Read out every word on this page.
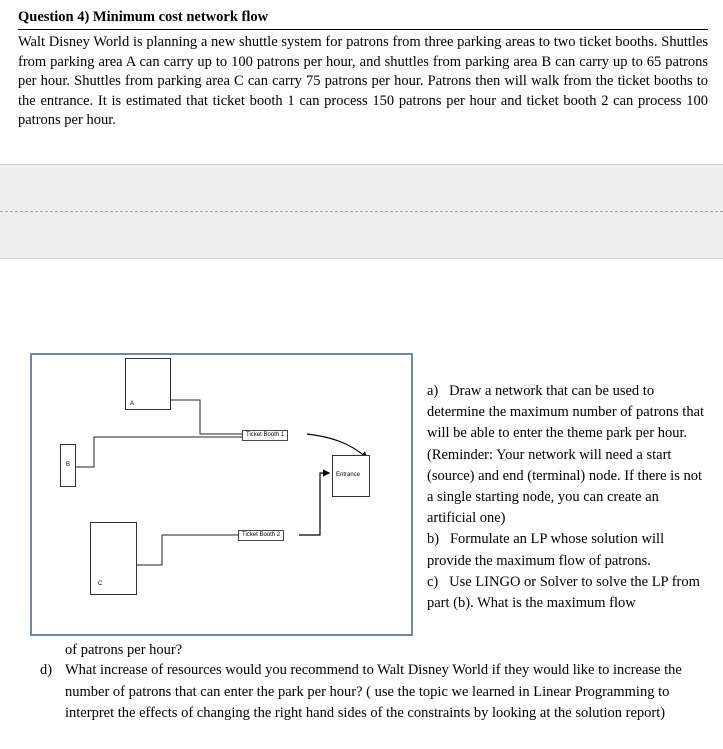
Question 4) Minimum cost network flow
Walt Disney World is planning a new shuttle system for patrons from three parking areas to two ticket booths. Shuttles from parking area A can carry up to 100 patrons per hour, and shuttles from parking area B can carry up to 65 patrons per hour. Shuttles from parking area C can carry 75 patrons per hour. Patrons then will walk from the ticket booths to the entrance. It is estimated that ticket booth 1 can process 150 patrons per hour and ticket booth 2 can process 100 patrons per hour.
A
B
C
Ticket Booth 1
Ticket Booth 2
Entrance

a) Draw a network that can be used to determine the maximum number of patrons that will be able to enter the theme park per hour. (Reminder: Your network will need a start (source) and end (terminal) node. If there is not a single starting node, you can create an artificial one)

b) Formulate an LP whose solution will provide the maximum flow of patrons.

c) Use LINGO or Solver to solve the LP from part (b). What is the maximum flow

of patrons per hour?
d) What increase of resources would you recommend to Walt Disney World if they would like to increase the number of patrons that can enter the park per hour? ( use the topic we learned in Linear Programming to interpret the effects of changing the right hand sides of the constraints by looking at the solution report)
